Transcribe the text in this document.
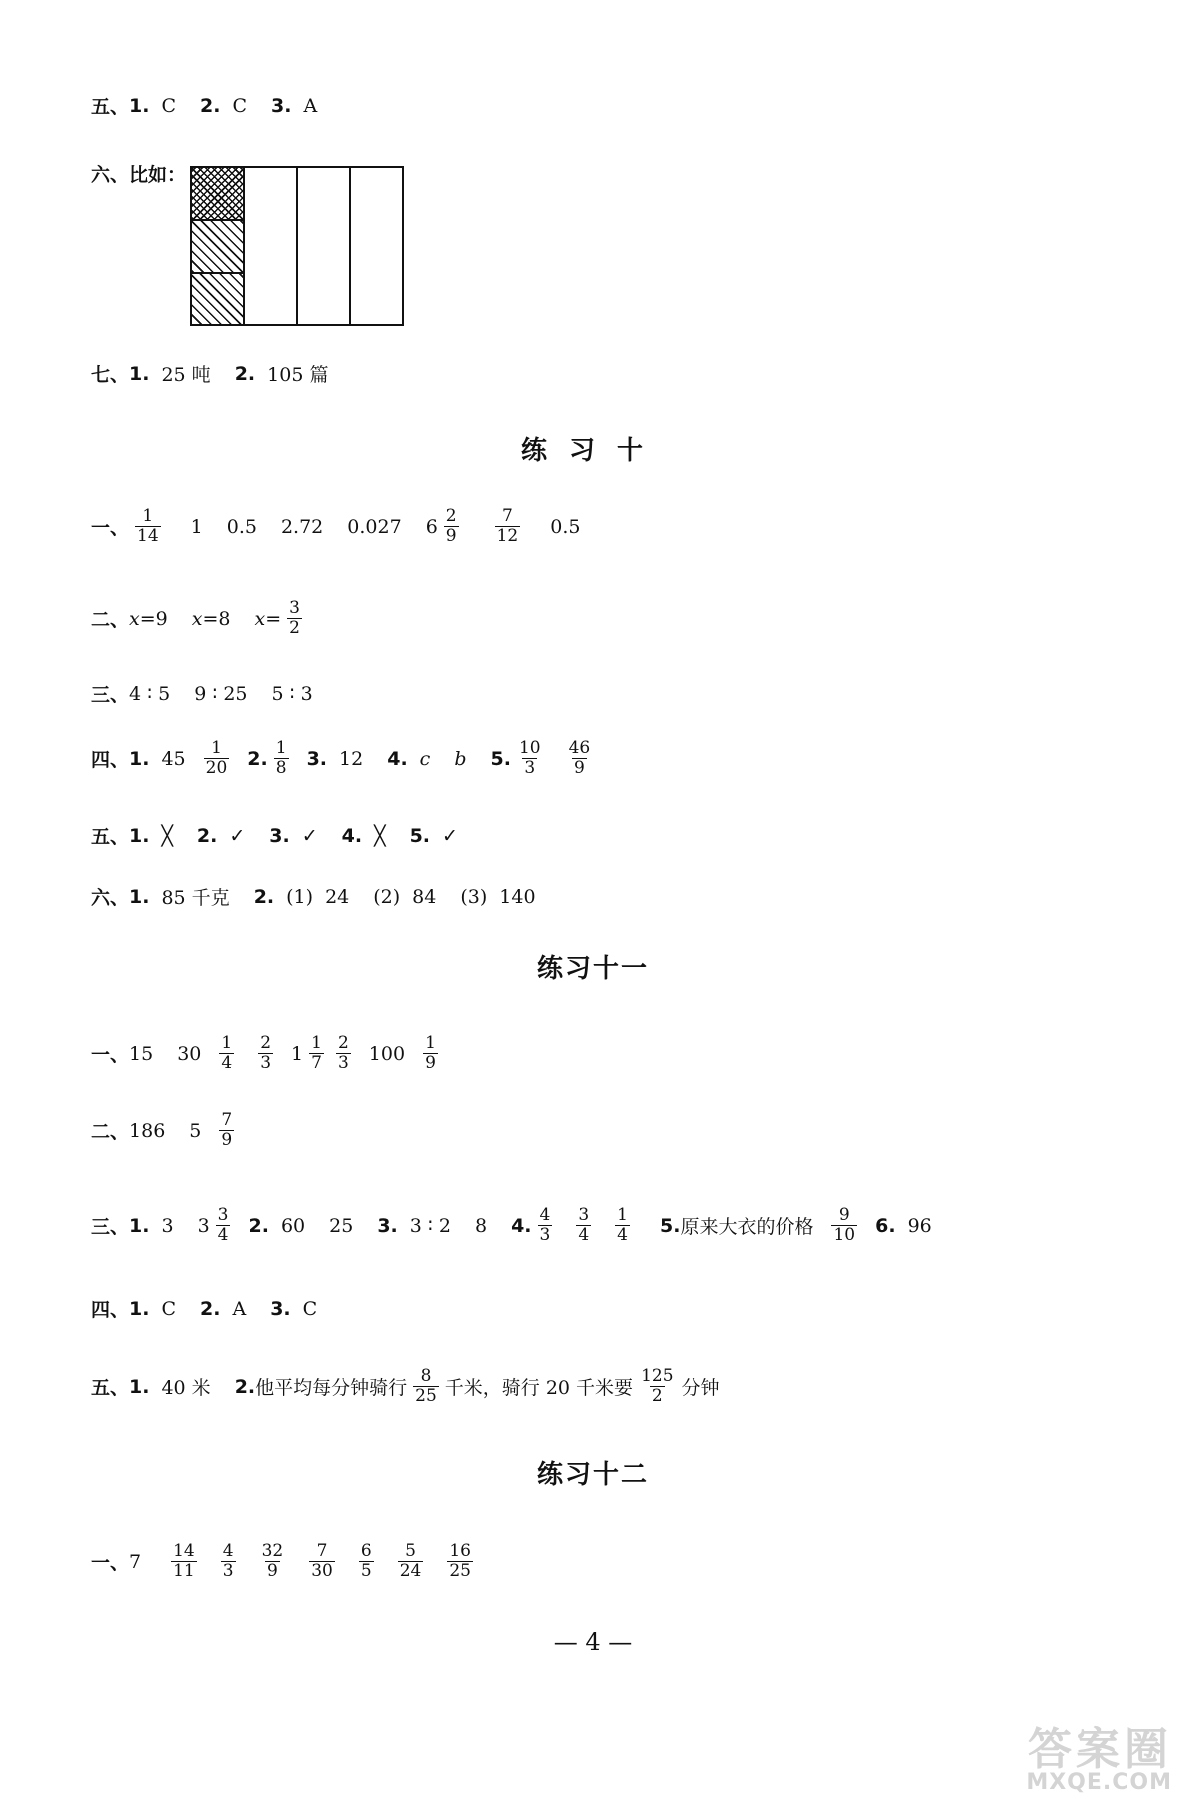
五、 1. C 2. C 3. A
六、比如：
七、 1. 25 吨 2. 105 篇
练习十
一、
1
14 1 0.5 2.72 0.027 6 2
9
7
12 0.5
二、 x = 9 x = 8 $x = \frac{3}{2}$
三、 4 ∶ 5 9 ∶ 25 5 ∶ 3
四、 1. 45 1
20 2. 1
8 3. 12 4. c b 5. 10
3
46
9
五、 1. ╳ 2. ✓ 3. ✓ 4. ╳ 5. ✓
六、 1. 85 千克 2. (1) 24 (2) 84 (3) 140
练习十一
一、 15 30 1
4
2
3 1 1
7
2
3 100 1
9
二、 186 5 7
9
三、 1. 3 3 3
4 2. 60 25 3. 3 ∶ 2 8 4. 4
3
3
4
1
4 5. 原来大衣的价格
9
10 6. 96
四、 1. C 2. A 3. C
五、 1. 40 米 2. 他平均每分钟骑行
8
25 千米，骑行 20 千米要
125
2 分钟
练习十二
一、 7 14
11
4
3
32
9
7
30
6
5
5
24
16
25
— 4 —
答案圈
MXQE.COM
